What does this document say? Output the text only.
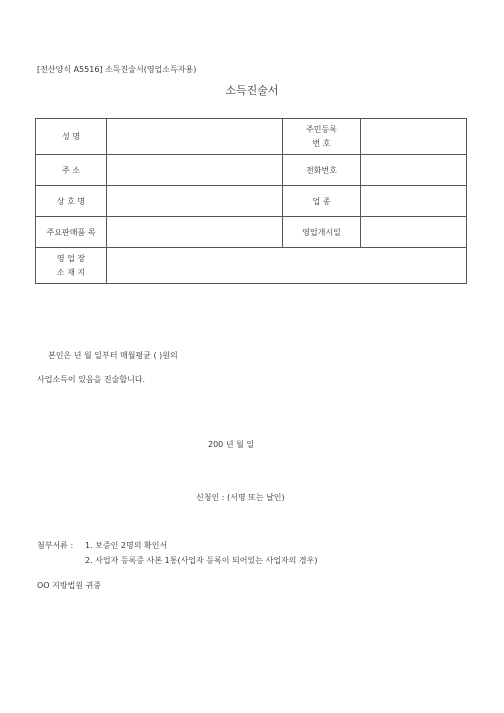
[전산양식 A5516] 소득진술서(영업소득자용)
소득진술서
성 명		주민등록
번 호	

주 소		전화번호	
상 호 명		업 종	
주요판매품 목		영업개시일	

영 업 장
소 재 지			

본인은 년 월 일부터 매월평균 ( )원의
사업소득이 있음을 진술합니다.
200 년 월 일
신청인 : (서명 또는 날인)
첨부서류 : 1. 보증인 2명의 확인서
2. 사업자 등록증 사본 1통(사업자 등록이 되어있는 사업자의 경우)
OO 지방법원 귀중
